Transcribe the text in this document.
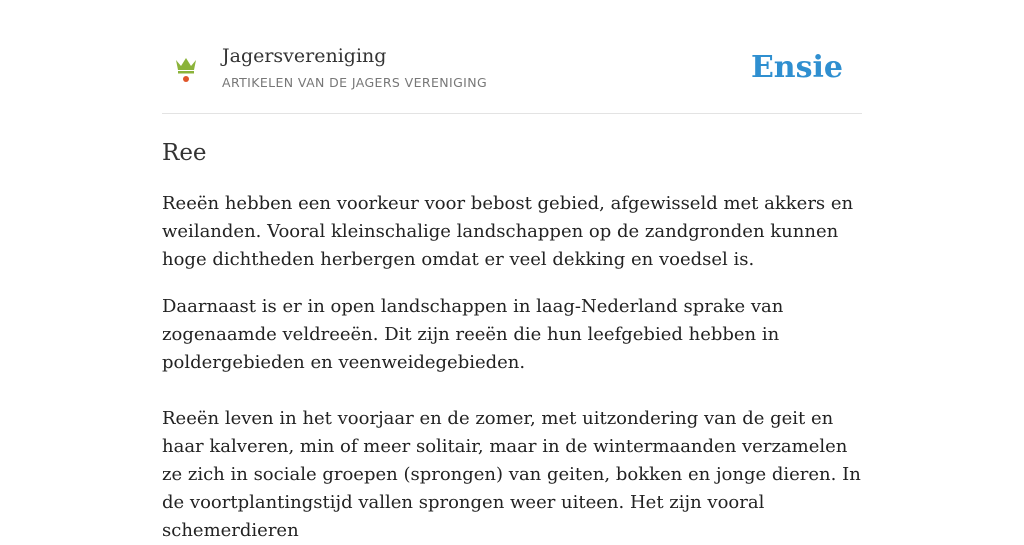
Jagersvereniging
ARTIKELEN VAN DE JAGERS VERENIGING	Ensie
Ree

Reeën hebben een voorkeur voor bebost gebied, afgewisseld met akkers en weilanden. Vooral kleinschalige landschappen op de zandgronden kunnen hoge dichtheden herbergen omdat er veel dekking en voedsel is.

Daarnaast is er in open landschappen in laag-Nederland sprake van zogenaamde veldreeën. Dit zijn reeën die hun leefgebied hebben in poldergebieden en veenweidegebieden.

Reeën leven in het voorjaar en de zomer, met uitzondering van de geit en haar kalveren, min of meer solitair, maar in de wintermaanden verzamelen ze zich in sociale groepen (sprongen) van geiten, bokken en jonge dieren. In de voortplantingstijd vallen sprongen weer uiteen. Het zijn vooral schemerdieren
